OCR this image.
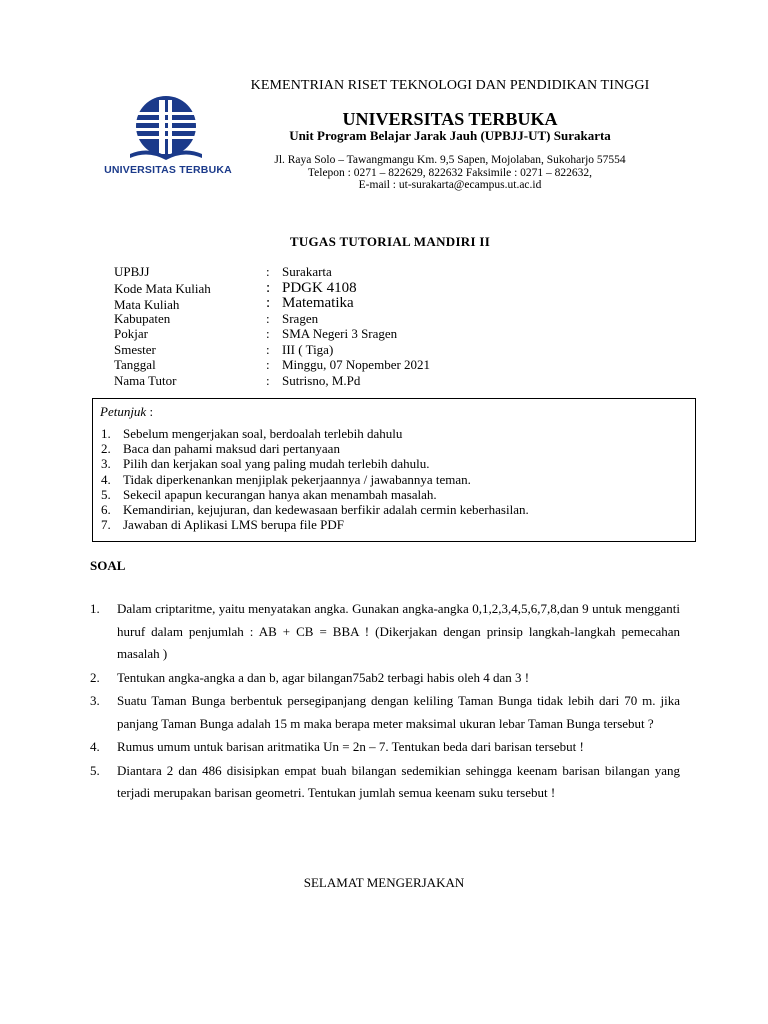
KEMENTRIAN RISET TEKNOLOGI DAN PENDIDIKAN TINGGI
UNIVERSITAS TERBUKA
UNIVERSITAS TERBUKA
Unit Program Belajar Jarak Jauh (UPBJJ-UT) Surakarta
Jl. Raya Solo – Tawangmangu Km. 9,5 Sapen, Mojolaban, Sukoharjo 57554
Telepon : 0271 – 822629, 822632 Faksimile : 0271 – 822632,
E-mail : ut-surakarta@ecampus.ut.ac.id
TUGAS TUTORIAL MANDIRI II
UPBJJ	: Surakarta
Kode Mata Kuliah	: PDGK 4108
Mata Kuliah	: Matematika
Kabupaten	: Sragen
Pokjar	: SMA Negeri 3 Sragen
Smester	: III ( Tiga)
Tanggal	: Minggu, 07 Nopember 2021
Nama Tutor	: Sutrisno, M.Pd
Petunjuk :
1. Sebelum mengerjakan soal, berdoalah terlebih dahulu
2. Baca dan pahami maksud dari pertanyaan
3. Pilih dan kerjakan soal yang paling mudah terlebih dahulu.
4. Tidak diperkenankan menjiplak pekerjaannya / jawabannya teman.
5. Sekecil apapun kecurangan hanya akan menambah masalah.
6. Kemandirian, kejujuran, dan kedewasaan berfikir adalah cermin keberhasilan.
7. Jawaban di Aplikasi LMS berupa file PDF
SOAL
1. Dalam criptaritme, yaitu menyatakan angka. Gunakan angka-angka 0,1,2,3,4,5,6,7,8,dan 9 untuk mengganti huruf dalam penjumlah : AB + CB = BBA ! (Dikerjakan dengan prinsip langkah-langkah pemecahan masalah )
2. Tentukan angka-angka a dan b, agar bilangan75ab2 terbagi habis oleh 4 dan 3 !
3. Suatu Taman Bunga berbentuk persegipanjang dengan keliling Taman Bunga tidak lebih dari 70 m. jika panjang Taman Bunga adalah 15 m maka berapa meter maksimal ukuran lebar Taman Bunga tersebut ?
4. Rumus umum untuk barisan aritmatika Un = 2n – 7. Tentukan beda dari barisan tersebut !
5. Diantara 2 dan 486 disisipkan empat buah bilangan sedemikian sehingga keenam barisan bilangan yang terjadi merupakan barisan geometri. Tentukan jumlah semua keenam suku tersebut !
SELAMAT MENGERJAKAN
